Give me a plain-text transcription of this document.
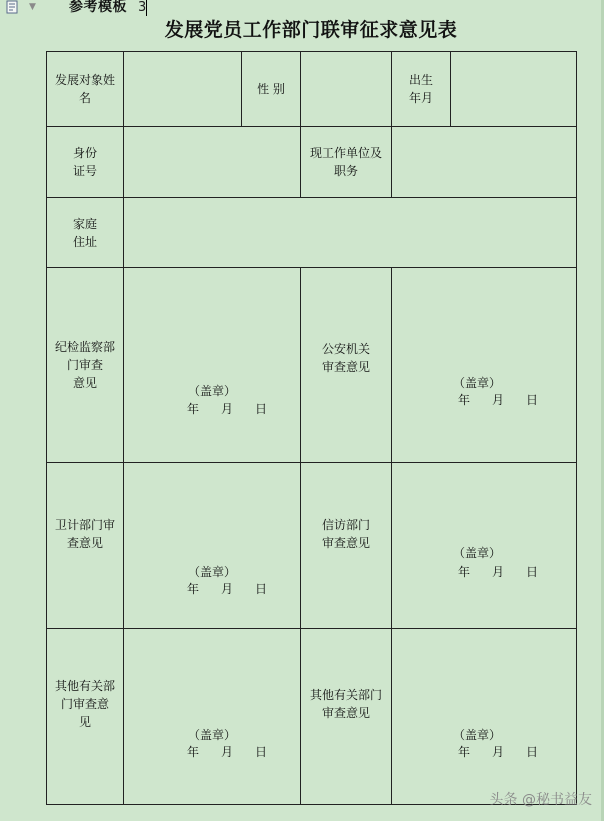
▼ 参考模板 3
发展党员工作部门联审征求意见表
发展对象姓
名
性 别
出生
年月
身份
证号
现工作单位及
职务
家庭
住址
纪检监察部
门审查
意见
（盖章）
年 月 日
公安机关
审查意见
（盖章）
年 月 日
卫计部门审
查意见
（盖章）
年 月 日
信访部门
审查意见
（盖章）
年 月 日
其他有关部
门审查意
见
（盖章）
年 月 日
其他有关部门
审查意见
（盖章）
年 月 日
头条 @秘书益友
